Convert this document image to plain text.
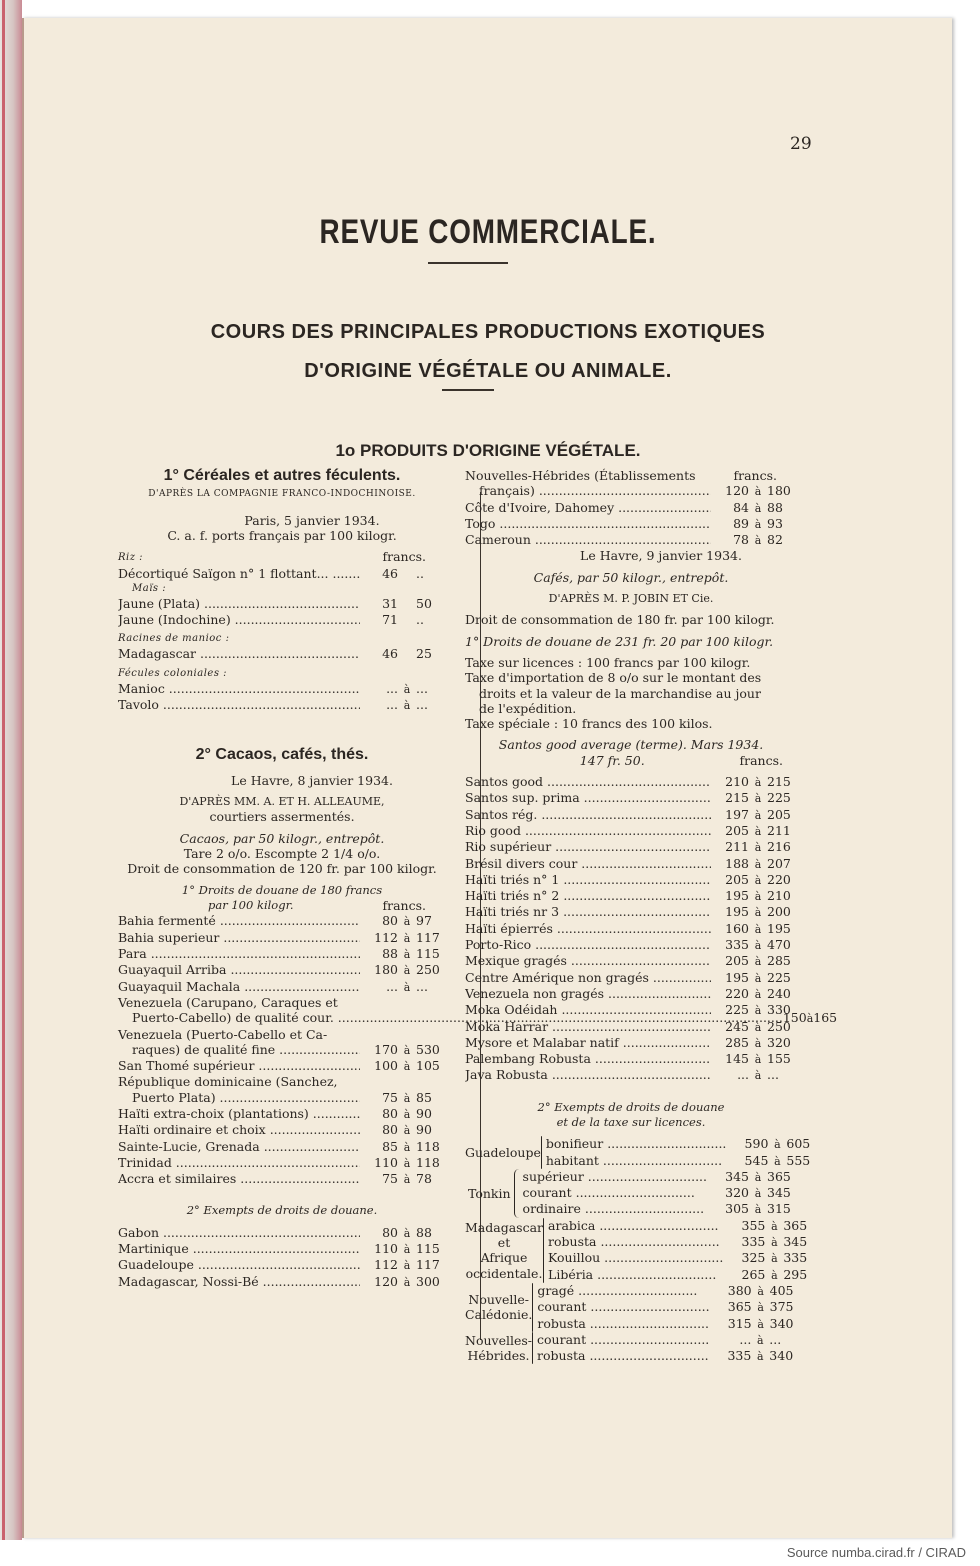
29
REVUE COMMERCIALE.
COURS DES PRINCIPALES PRODUCTIONS EXOTIQUES
D'ORIGINE VÉGÉTALE OU ANIMALE.
1o PRODUITS D'ORIGINE VÉGÉTALE.
1° Céréales et autres féculents.
D'APRÈS LA COMPAGNIE FRANCO-INDOCHINOISE.
Paris, 5 janvier 1934.
C. a. f. ports français par 100 kilogr.
francs.
Riz :
Décortiqué Saïgon n° 1 flottant... .....	46 ..
Maïs :
Jaune (Plata) .....	31 50
Jaune (Indochine) .....	71 ..
Racines de manioc :
Madagascar .....	46 25
Fécules coloniales :
Manioc .....	... à ...
Tavolo .....	... à ...
2° Cacaos, cafés, thés.
Le Havre, 8 janvier 1934.
D'APRÈS MM. A. ET H. ALLEAUME,
courtiers assermentés.
Cacaos, par 50 kilogr., entrepôt.
Tare 2 o/o. Escompte 2 1/4 o/o.
Droit de consommation de 120 fr. par 100 kilogr.
1° Droits de douane de 180 francs
par 100 kilogr.	francs.
Bahia fermenté .....	80 à 97
Bahia superieur .....	112 à 117
Para .....	88 à 115
Guayaquil Arriba .....	180 à 250
Guayaquil Machala .....	... à ...
Venezuela (Carupano, Caraques et
Puerto-Cabello) de qualité cour. .....	150 à 165
Venezuela (Puerto-Cabello et Ca-
raques) de qualité fine .....	170 à 530
San Thomé supérieur .....	100 à 105
République dominicaine (Sanchez,
Puerto Plata) .....	75 à 85
Haïti extra-choix (plantations) .....	80 à 90
Haïti ordinaire et choix .....	80 à 90
Sainte-Lucie, Grenada .....	85 à 118
Trinidad .....	110 à 118
Accra et similaires .....	75 à 78
2° Exempts de droits de douane.
Gabon .....	80 à 88
Martinique .....	110 à 115
Guadeloupe .....	112 à 117
Madagascar, Nossi-Bé .....	120 à 300
Nouvelles-Hébrides (Établissements	francs.
français) .....	120 à 180
Côte d'Ivoire, Dahomey .....	84 à 88
Togo .....	89 à 93
Cameroun .....	78 à 82
Le Havre, 9 janvier 1934.
Cafés, par 50 kilogr., entrepôt.
D'APRÈS M. P. JOBIN ET Cie.
Droit de consommation de 180 fr. par 100 kilogr.
1° Droits de douane de 231 fr. 20 par 100 kilogr.
Taxe sur licences : 100 francs par 100 kilogr.
Taxe d'importation de 8 o/o sur le montant des
droits et la valeur de la marchandise au jour
de l'expédition.
Taxe spéciale : 10 francs des 100 kilos.
Santos good average (terme). Mars 1934.
147 fr. 50.	francs.
Santos good .....	210 à 215
Santos sup. prima .....	215 à 225
Santos rég. .....	197 à 205
Rio good .....	205 à 211
Rio supérieur .....	211 à 216
Brésil divers cour .....	188 à 207
Haïti triés n° 1 .....	205 à 220
Haïti triés n° 2 .....	195 à 210
Haïti triés nr 3 .....	195 à 200
Haïti épierrés .....	160 à 195
Porto-Rico .....	335 à 470
Mexique gragés .....	205 à 285
Centre Amérique non gragés .....	195 à 225
Venezuela non gragés .....	220 à 240
Moka Odéidah .....	225 à 330
Moka Harrar .....	245 à 250
Mysore et Malabar natif .....	285 à 320
Palembang Robusta .....	145 à 155
Java Robusta .....	... à ...
2° Exempts de droits de douane
et de la taxe sur licences.
Guadeloupe
bonifieur .....	590 à 605
habitant .....	545 à 555
Tonkin
supérieur .....	345 à 365
courant .....	320 à 345
ordinaire .....	305 à 315
Madagascar
et
Afrique occidentale.
arabica .....	355 à 365
robusta .....	335 à 345
Kouillou .....	325 à 335
Libéria .....	265 à 295
Nouvelle-Calédonie.
gragé .....	380 à 405
courant .....	365 à 375
robusta .....	315 à 340
Nouvelles-Hébrides.
courant .....	... à ...
robusta .....	335 à 340
Source numba.cirad.fr / CIRAD
